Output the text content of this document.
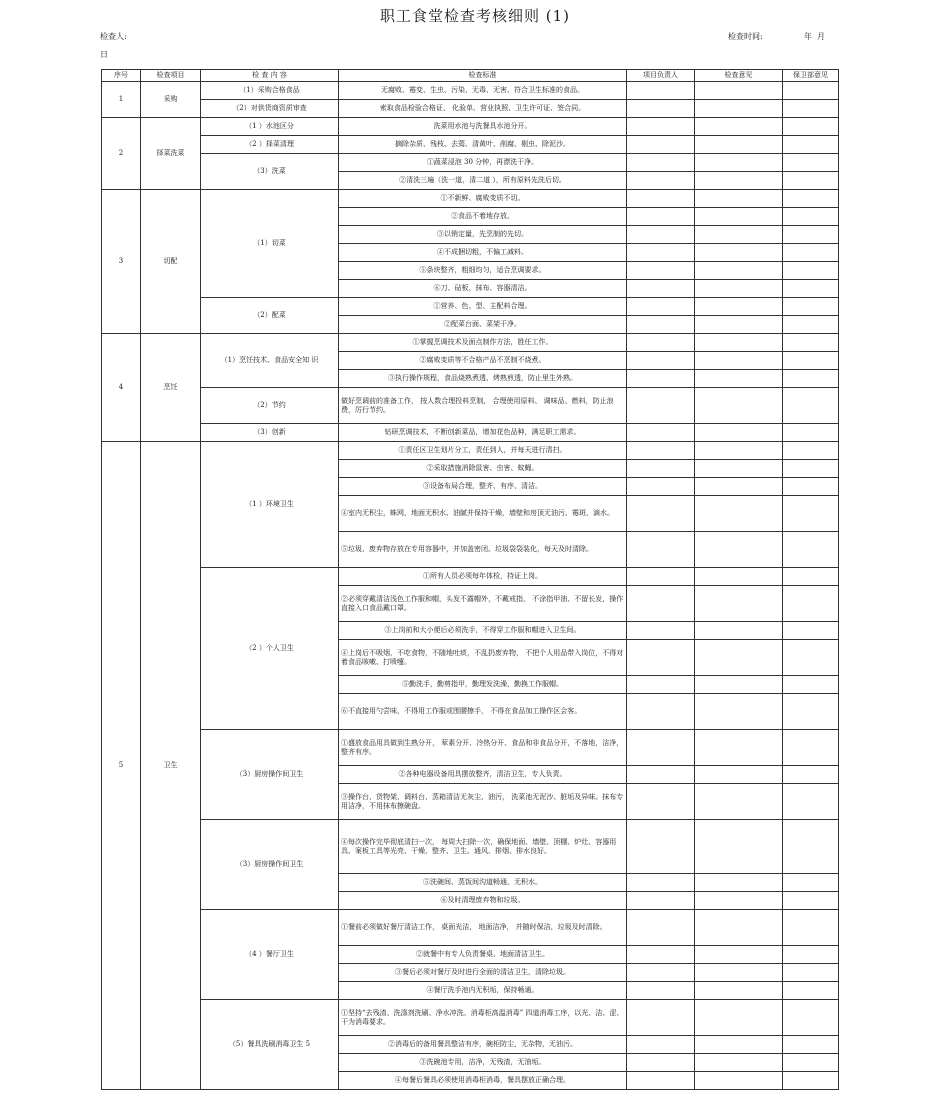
职工食堂检查考核细则 (1)
检查人:
日
检查时间:	年 月
序号	检查项目	检 查 内 容	检查标准	项目负责人	检查意见	保卫部意见
1	采购	（1）采购合格食品	无腐败、霉变、生虫、污染、无毒、无害、符合卫生标准的食品。			
		（2）对供货商资质审查	索取食品检验合格证、 化验单、营业执照、卫生许可证、签合同。			
2	择菜洗菜	（1 ）水池区分	洗菜用水池与洗餐具水池分开。			
		（2 ）择菜清理	摘除杂质、残枝、去蔫、清黄叶、削腐、剔虫、除泥沙。			
		（3）洗菜	①蔬菜浸泡 30 分钟，再漂洗干净。			
			②清洗三遍（洗一道，清二道 ），所有原料先洗后切。			
3	切配	（1）切菜	①不新鲜、腐败变质不切。			
			②食品不着地存放。			
			③以销定量，先烹制的先切。			
			④不成捆切粗，不偏工减料。			
			⑤条块整齐，粗细均匀，适合烹调要求。			
			⑥刀、砧板、抹布、容器清洁。			
		（2）配菜	①营养、色、型、主配料合理。			
			②配菜台面、菜架干净。			
4	烹饪	（1）烹饪技术、食品安全知 识	①掌握烹调技术及面点制作方法，胜任工作。			
			②腐败变质等不合格产品不烹制不烧煮。			
			③执行操作规程，食品烧熟煮透、烤熟煎透，防止里生外熟。			
		（2）节约	做好烹调前的准备工作， 按人数合理投料烹制， 合理使用原料、 调味品、燃料，防止浪费，厉行节约。			
		（3）创新	钻研烹调技术，不断创新菜品，增加花色品种，满足职工需求。			
5	卫生	（1 ）环境卫生	①责任区卫生划片分工，责任到人，并每天进行清扫。			
			②采取措施消除鼠害、虫害、蚊蝇。			
			③设备布局合理，整齐、有序、清洁。			
			④室内无积尘，蛛网，地面无积水、油腻并保持干燥，墙壁和房顶无油污、霉斑、滴水。			
			⑤垃圾、废弃物存放在专用容器中，并加盖密闭。垃圾袋袋装化，每天及时清除。			
		（2 ）个人卫生	①所有人员必须每年体检，持证上岗。			
			②必须穿戴清洁浅色工作服和帽，头发不露帽外，不戴戒指， 不涂指甲油、不留长发，操作直接入口食品戴口罩。			
			③上岗前和大小便后必须洗手，不得穿工作服和帽进入卫生间。			
			④上岗后不吸烟，不吃食物，不随地吐痰，不乱扔废弃物， 不把个人用品带入岗位，不得对着食品咳嗽、打喷嚏。			
			⑤勤洗手，勤剪指甲，勤理发洗澡，勤换工作服帽。			
			⑥不直接用勺尝味，不得用工作服或围腰擦手， 不得在食品加工操作区会客。			
		（3）厨房操作间卫生	①盛放食品用具做到生熟分开， 荤素分开、冷热分开、食品和非食品分开，不落地，洁净，整齐有序。			
			②各种电器设备用具摆放整齐，清洁卫生，专人负责。			
			③操作台、货物架、调料台、蒸箱清洁无灰尘、油污， 洗菜池无泥沙、脏垢及异味。抹布专用洁净，不用抹布擦碗盘。			
		（3）厨房操作间卫生	④每次操作完毕彻底清扫一次， 每周大扫除一次，确保地面、墙壁、顶棚、炉灶、容器用具、案板工具等光亮、干燥、整齐、卫生。通风、排烟、排水良好。			
			⑤洗碗间、蒸饭间沟道畅通，无积水。			
			⑥及时清理废弃物和垃圾。			
		（4 ）餐厅卫生	①餐前必须做好餐厅清洁工作， 桌面光洁， 地面洁净， 并随时保洁，垃圾及时清除。			
			②就餐中有专人负责餐桌、地面清洁卫生。			
			③餐后必须对餐厅及时进行全面的清洁卫生，清除垃圾。			
			④餐厅洗手池内无积垢，保持畅通。			
		（5）餐具洗刷消毒卫生 5	①坚持“去残渣、洗涤剂洗刷、净水冲洗、消毒柜高温消毒” 四道消毒工序，以光、洁、涩、干为消毒要求。			
			②消毒后的备用餐具整洁有序，碗柜防尘，无杂物，无油污。			
			③洗碗池专用，洁净，无残渣，无油垢。			
			④每餐后餐具必须使用消毒柜消毒，餐具摆放正确合理。			
